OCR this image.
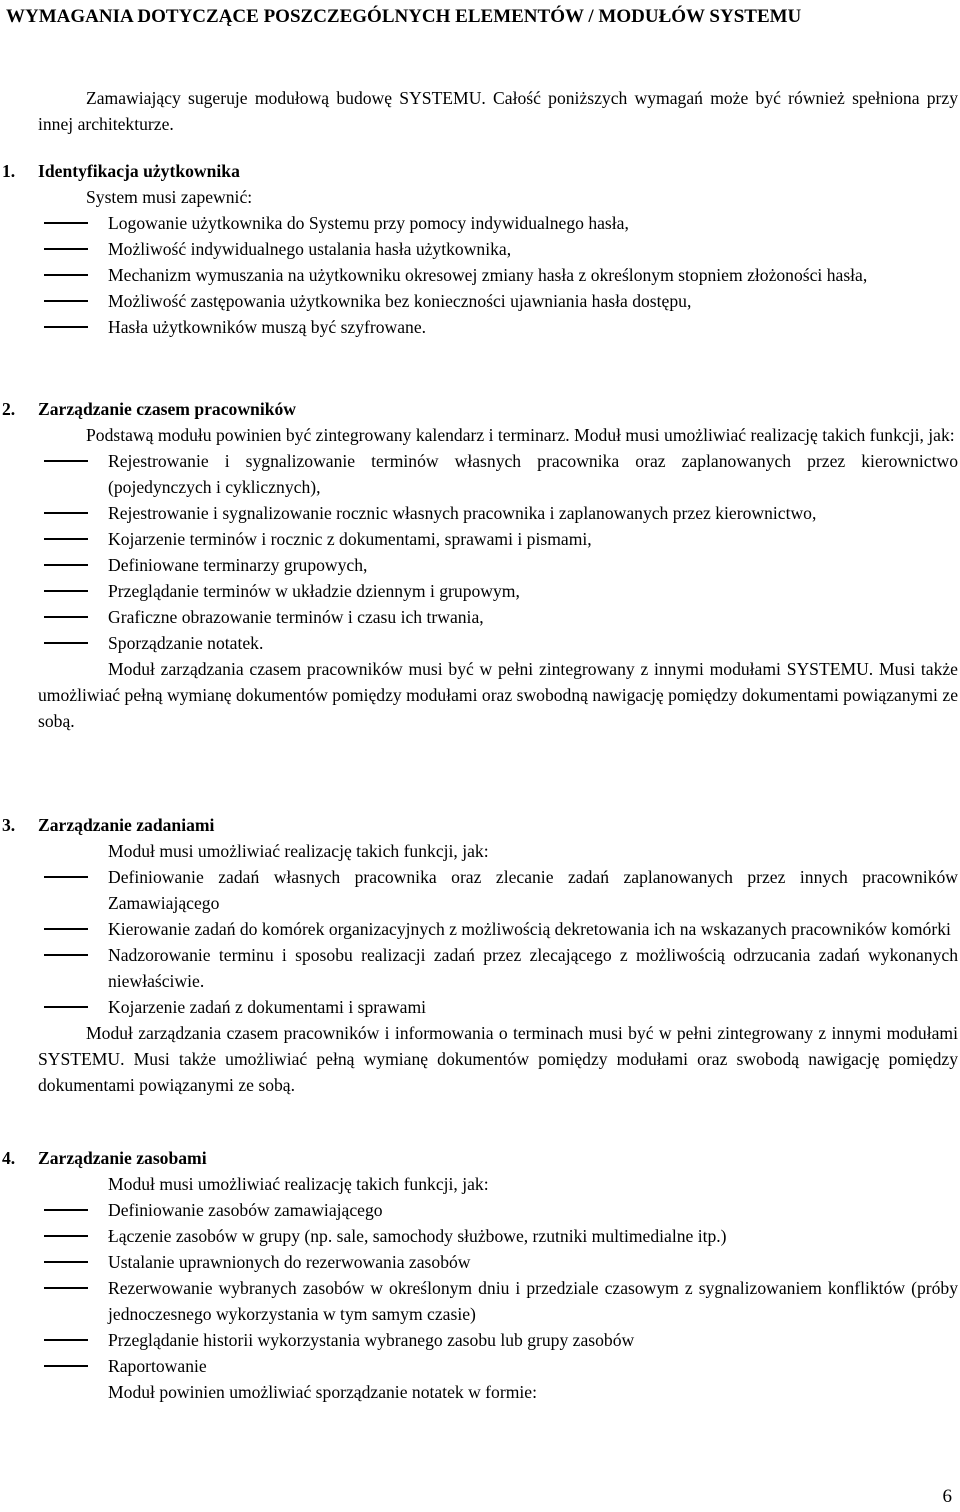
WYMAGANIA DOTYCZĄCE POSZCZEGÓLNYCH ELEMENTÓW / MODUŁÓW SYSTEMU

Zamawiający sugeruje modułową budowę SYSTEMU. Całość poniższych wymagań może być również spełniona przy innej architekturze.

1. Identyfikacja użytkownika

System musi zapewnić:

Logowanie użytkownika do Systemu przy pomocy indywidualnego hasła,
Możliwość indywidualnego ustalania hasła użytkownika,
Mechanizm wymuszania na użytkowniku okresowej zmiany hasła z określonym stopniem złożoności hasła,
Możliwość zastępowania użytkownika bez konieczności ujawniania hasła dostępu,
Hasła użytkowników muszą być szyfrowane.
2. Zarządzanie czasem pracowników

Podstawą modułu powinien być zintegrowany kalendarz i terminarz. Moduł musi umożliwiać realizację takich funkcji, jak:

Rejestrowanie i sygnalizowanie terminów własnych pracownika oraz zaplanowanych przez kierownictwo (pojedynczych i cyklicznych),
Rejestrowanie i sygnalizowanie rocznic własnych pracownika i zaplanowanych przez kierownictwo,
Kojarzenie terminów i rocznic z dokumentami, sprawami i pismami,
Definiowane terminarzy grupowych,
Przeglądanie terminów w układzie dziennym i grupowym,
Graficzne obrazowanie terminów i czasu ich trwania,
Sporządzanie notatek.

Moduł zarządzania czasem pracowników musi być w pełni zintegrowany z innymi modułami SYSTEMU. Musi także umożliwiać pełną wymianę dokumentów pomiędzy modułami oraz swobodną nawigację pomiędzy dokumentami powiązanymi ze sobą.

3. Zarządzanie zadaniami

Moduł musi umożliwiać realizację takich funkcji, jak:

Definiowanie zadań własnych pracownika oraz zlecanie zadań zaplanowanych przez innych pracowników Zamawiającego
Kierowanie zadań do komórek organizacyjnych z możliwością dekretowania ich na wskazanych pracowników komórki
Nadzorowanie terminu i sposobu realizacji zadań przez zlecającego z możliwością odrzucania zadań wykonanych niewłaściwie.
Kojarzenie zadań z dokumentami i sprawami

Moduł zarządzania czasem pracowników i informowania o terminach musi być w pełni zintegrowany z innymi modułami SYSTEMU. Musi także umożliwiać pełną wymianę dokumentów pomiędzy modułami oraz swobodą nawigację pomiędzy dokumentami powiązanymi ze sobą.

4. Zarządzanie zasobami

Moduł musi umożliwiać realizację takich funkcji, jak:

Definiowanie zasobów zamawiającego
Łączenie zasobów w grupy (np. sale, samochody służbowe, rzutniki multimedialne itp.)
Ustalanie uprawnionych do rezerwowania zasobów
Rezerwowanie wybranych zasobów w określonym dniu i przedziale czasowym z sygnalizowaniem konfliktów (próby jednoczesnego wykorzystania w tym samym czasie)
Przeglądanie historii wykorzystania wybranego zasobu lub grupy zasobów
Raportowanie

Moduł powinien umożliwiać sporządzanie notatek w formie:

6
